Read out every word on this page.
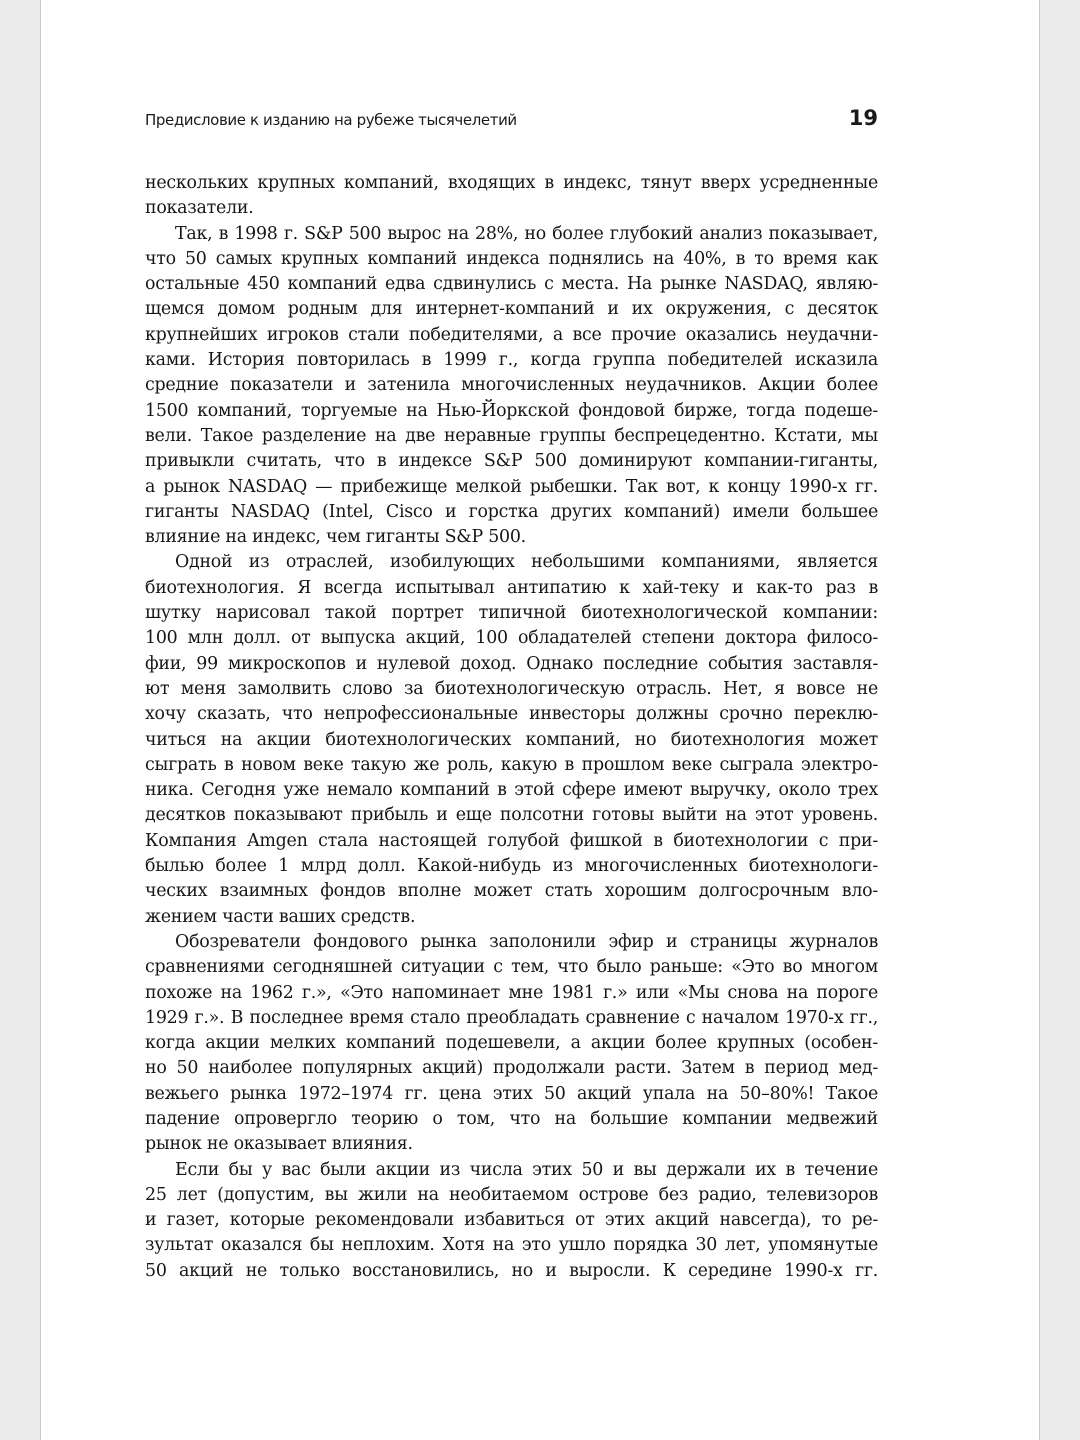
Предисловие к изданию на рубеже тысячелетий	19
нескольких крупных компаний, входящих в индекс, тянут вверх усредненные
показатели.
Так, в 1998 г. S&P 500 вырос на 28%, но более глубокий анализ показывает,
что 50 самых крупных компаний индекса поднялись на 40%, в то время как
остальные 450 компаний едва сдвинулись с места. На рынке NASDAQ, являю-
щемся домом родным для интернет-компаний и их окружения, с десяток
крупнейших игроков стали победителями, а все прочие оказались неудачни-
ками. История повторилась в 1999 г., когда группа победителей исказила
средние показатели и затенила многочисленных неудачников. Акции более
1500 компаний, торгуемые на Нью-Йоркской фондовой бирже, тогда подеше-
вели. Такое разделение на две неравные группы беспрецедентно. Кстати, мы
привыкли считать, что в индексе S&P 500 доминируют компании-гиганты,
а рынок NASDAQ — прибежище мелкой рыбешки. Так вот, к концу 1990-х гг.
гиганты NASDAQ (Intel, Cisco и горстка других компаний) имели большее
влияние на индекс, чем гиганты S&P 500.
Одной из отраслей, изобилующих небольшими компаниями, является
биотехнология. Я всегда испытывал антипатию к хай-теку и как-то раз в
шутку нарисовал такой портрет типичной биотехнологической компании:
100 млн долл. от выпуска акций, 100 обладателей степени доктора филосо-
фии, 99 микроскопов и нулевой доход. Однако последние события заставля-
ют меня замолвить слово за биотехнологическую отрасль. Нет, я вовсе не
хочу сказать, что непрофессиональные инвесторы должны срочно переклю-
читься на акции биотехнологических компаний, но биотехнология может
сыграть в новом веке такую же роль, какую в прошлом веке сыграла электро-
ника. Сегодня уже немало компаний в этой сфере имеют выручку, около трех
десятков показывают прибыль и еще полсотни готовы выйти на этот уровень.
Компания Amgen стала настоящей голубой фишкой в биотехнологии с при-
былью более 1 млрд долл. Какой-нибудь из многочисленных биотехнологи-
ческих взаимных фондов вполне может стать хорошим долгосрочным вло-
жением части ваших средств.
Обозреватели фондового рынка заполонили эфир и страницы журналов
сравнениями сегодняшней ситуации с тем, что было раньше: «Это во многом
похоже на 1962 г.», «Это напоминает мне 1981 г.» или «Мы снова на пороге
1929 г.». В последнее время стало преобладать сравнение с началом 1970-х гг.,
когда акции мелких компаний подешевели, а акции более крупных (особен-
но 50 наиболее популярных акций) продолжали расти. Затем в период мед-
вежьего рынка 1972–1974 гг. цена этих 50 акций упала на 50–80%! Такое
падение опровергло теорию о том, что на большие компании медвежий
рынок не оказывает влияния.
Если бы у вас были акции из числа этих 50 и вы держали их в течение
25 лет (допустим, вы жили на необитаемом острове без радио, телевизоров
и газет, которые рекомендовали избавиться от этих акций навсегда), то ре-
зультат оказался бы неплохим. Хотя на это ушло порядка 30 лет, упомянутые
50 акций не только восстановились, но и выросли. К середине 1990-х гг.
